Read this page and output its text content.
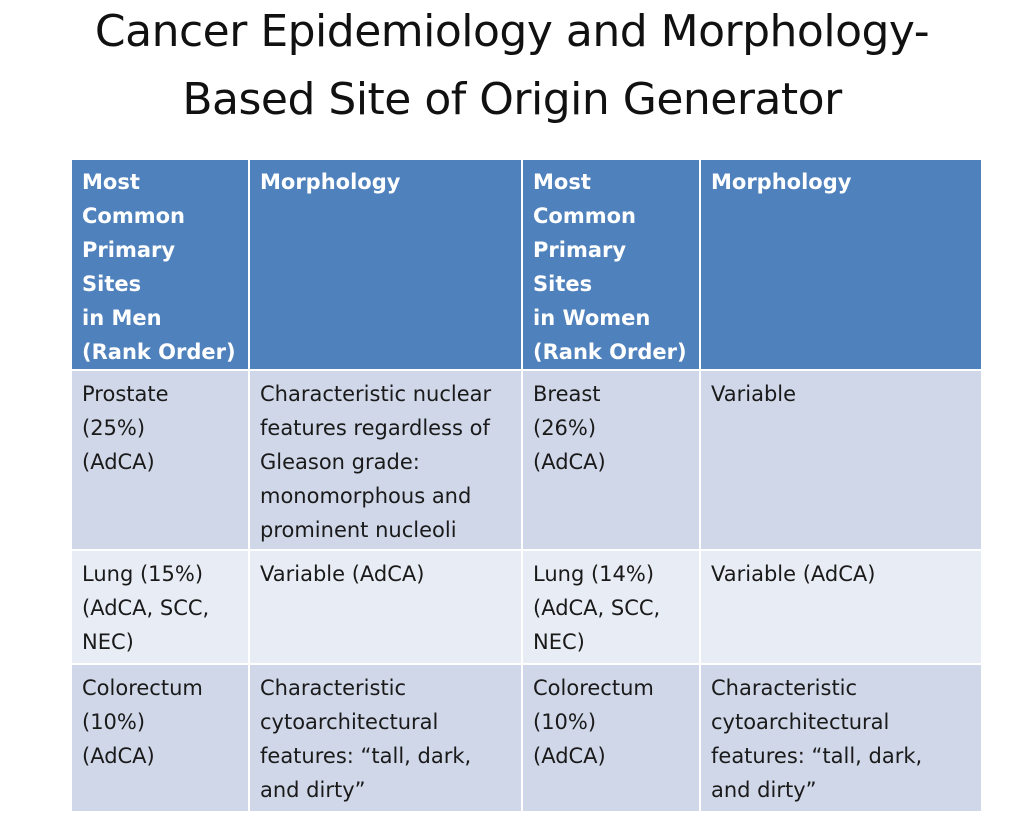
Cancer Epidemiology and Morphology-
Based Site of Origin Generator
Most
Common
Primary Sites
in Men
(Rank Order)	Morphology	Most
Common
Primary Sites
in Women
(Rank Order)	Morphology

Prostate
(25%)
(AdCA)	Characteristic nuclear
features regardless of
Gleason grade:
monomorphous and
prominent nucleoli	Breast
(26%)
(AdCA)	Variable

Lung (15%)
(AdCA, SCC,
NEC)	Variable (AdCA)	Lung (14%)
(AdCA, SCC,
NEC)	Variable (AdCA)

Colorectum
(10%)
(AdCA)	Characteristic
cytoarchitectural
features: “tall, dark,
and dirty”	Colorectum
(10%)
(AdCA)	Characteristic
cytoarchitectural
features: “tall, dark,
and dirty”
